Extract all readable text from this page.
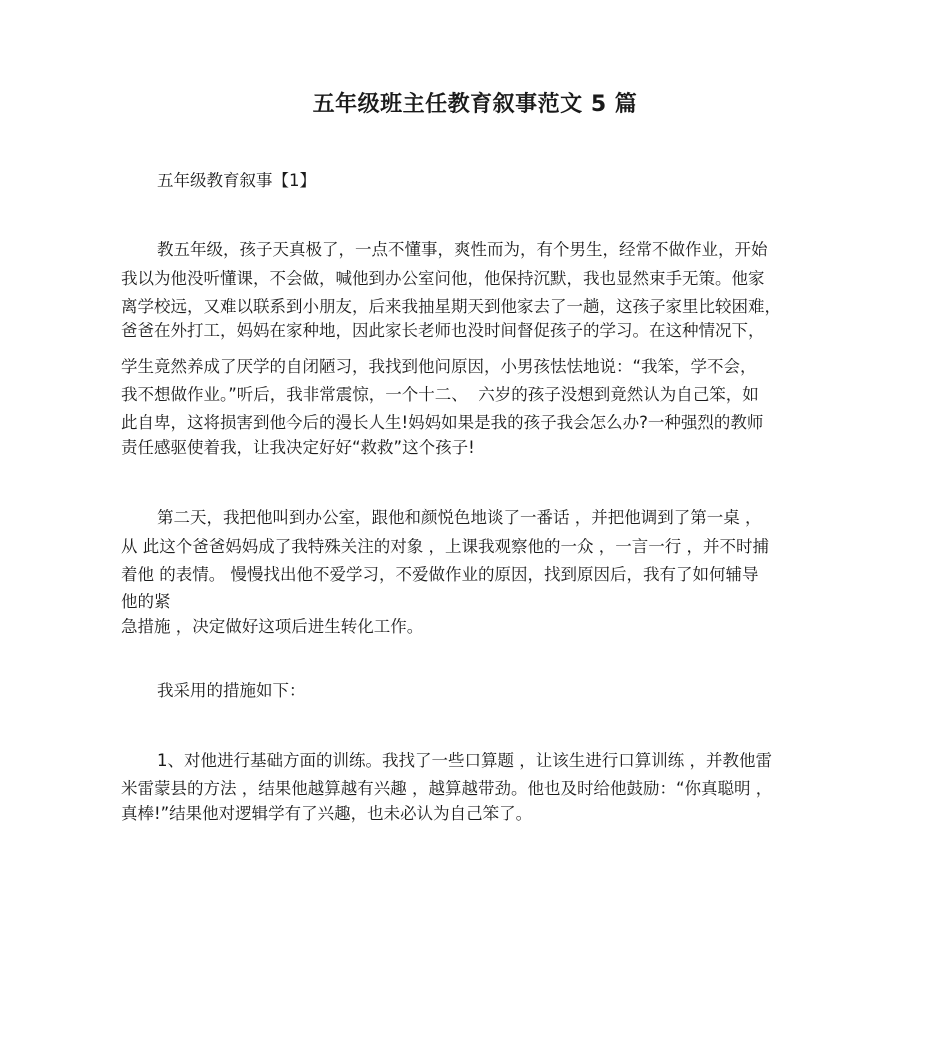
五年级班主任教育叙事范文 5 篇
五年级教育叙事【1】
教五年级，孩子天真极了，一点不懂事，爽性而为，有个男生，经常不做作业，开始
我以为他没听懂课，不会做，喊他到办公室问他，他保持沉默，我也显然束手无策。他家
离学校远，又难以联系到小朋友，后来我抽星期天到他家去了一趟，这孩子家里比较困难，
爸爸在外打工，妈妈在家种地，因此家长老师也没时间督促孩子的学习。在这种情况下，
学生竟然养成了厌学的自闭陋习，我找到他问原因，小男孩怯怯地说：“我笨，学不会，
我不想做作业。”听后，我非常震惊，一个十二、  六岁的孩子没想到竟然认为自己笨，如
此自卑，这将损害到他今后的漫长人生!妈妈如果是我的孩子我会怎么办?一种强烈的教师
责任感驱使着我，让我决定好好“救救”这个孩子!
第二天，我把他叫到办公室，跟他和颜悦色地谈了一番话 ，并把他调到了第一桌 ，
从 此这个爸爸妈妈成了我特殊关注的对象 ，上课我观察他的一众 ，一言一行 ，并不时捕
着他 的表情。 慢慢找出他不爱学习，不爱做作业的原因，找到原因后，我有了如何辅导
他的紧
急措施 ，决定做好这项后进生转化工作。
我采用的措施如下：
1、对他进行基础方面的训练。我找了一些口算题 ，让该生进行口算训练 ，并教他雷
米雷蒙县的方法 ，结果他越算越有兴趣 ，越算越带劲。他也及时给他鼓励：“你真聪明 ，
真棒!”结果他对逻辑学有了兴趣，也未必认为自己笨了。
